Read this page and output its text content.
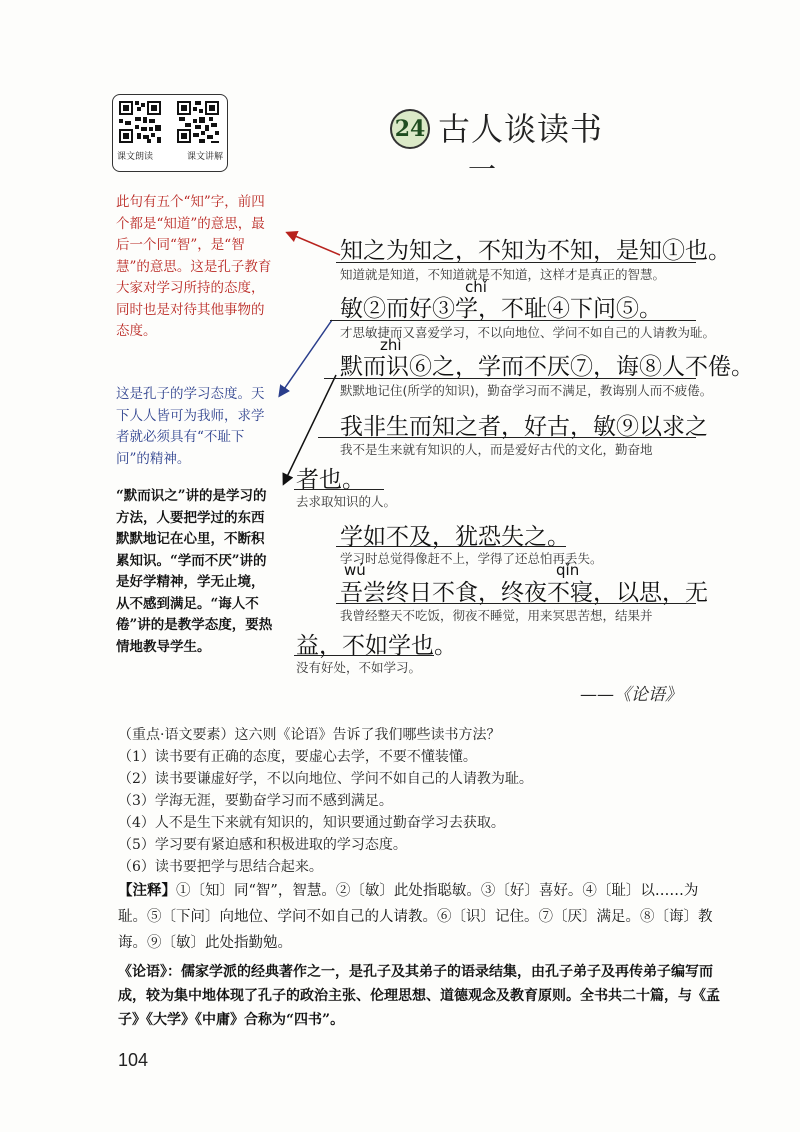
课文朗读	课文讲解
24 古人谈读书
一
此句有五个“知”字，前四个都是“知道”的意思，最后一个同“智”，是“智慧”的意思。这是孔子教育大家对学习所持的态度，同时也是对待其他事物的态度。
这是孔子的学习态度。天下人人皆可为我师，求学者就必须具有“不耻下问”的精神。
“默而识之”讲的是学习的方法，人要把学过的东西默默地记在心里，不断积累知识。“学而不厌”讲的是好学精神，学无止境，从不感到满足。“诲人不倦”讲的是教学态度，要热情地教导学生。
知之为知之，不知为不知，是知①也。
知道就是知道，不知道就是不知道，这样才是真正的智慧。
chǐ
敏②而好③学，不耻④下问⑤。
才思敏捷而又喜爱学习，不以向地位、学问不如自己的人请教为耻。
zhì
默而识⑥之，学而不厌⑦，诲⑧人不倦。
默默地记住(所学的知识)，勤奋学习而不满足，教诲别人而不疲倦。
我非生而知之者，好古，敏⑨以求之
我不是生来就有知识的人，而是爱好古代的文化，勤奋地
者也。
去求取知识的人。
学如不及，犹恐失之。
学习时总觉得像赶不上，学得了还总怕再丢失。
wú	qǐn
吾尝终日不食，终夜不寝，以思，无
我曾经整天不吃饭，彻夜不睡觉，用来冥思苦想，结果并
益，不如学也。
没有好处，不如学习。
——《论语》
（重点·语文要素）这六则《论语》告诉了我们哪些读书方法？
（1）读书要有正确的态度，要虚心去学，不要不懂装懂。
（2）读书要谦虚好学，不以向地位、学问不如自己的人请教为耻。
（3）学海无涯，要勤奋学习而不感到满足。
（4）人不是生下来就有知识的，知识要通过勤奋学习去获取。
（5）学习要有紧迫感和积极进取的学习态度。
（6）读书要把学与思结合起来。
【注释】①〔知〕同“智”，智慧。②〔敏〕此处指聪敏。③〔好〕喜好。④〔耻〕以……为耻。⑤〔下问〕向地位、学问不如自己的人请教。⑥〔识〕记住。⑦〔厌〕满足。⑧〔诲〕教诲。⑨〔敏〕此处指勤勉。
《论语》：儒家学派的经典著作之一，是孔子及其弟子的语录结集，由孔子弟子及再传弟子编写而成，较为集中地体现了孔子的政治主张、伦理思想、道德观念及教育原则。全书共二十篇，与《孟子》《大学》《中庸》合称为“四书”。
104
